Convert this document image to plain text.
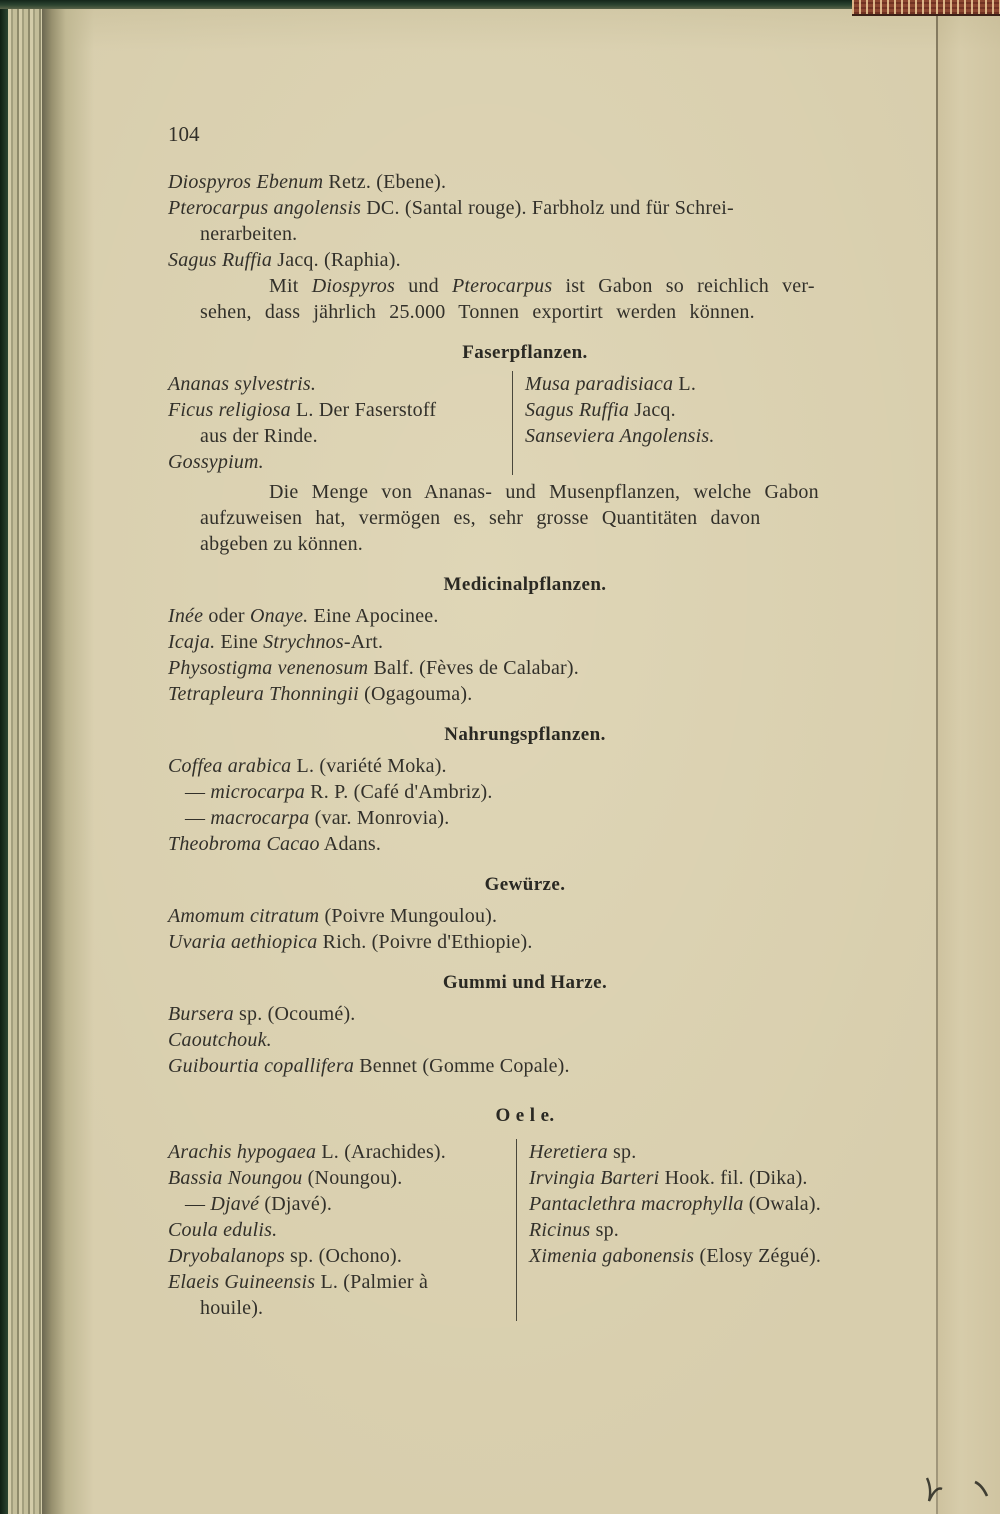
104
Diospyros Ebenum Retz. (Ebene).
Pterocarpus angolensis DC. (Santal rouge). Farbholz und für Schrei-
nerarbeiten.
Sagus Ruffia Jacq. (Raphia).
Mit Diospyros und Pterocarpus ist Gabon so reichlich ver-
sehen, dass jährlich 25.000 Tonnen exportirt werden können.
Faserpflanzen.
Ananas sylvestris.
Ficus religiosa L. Der Faserstoff
aus der Rinde.
Gossypium.
Musa paradisiaca L.
Sagus Ruffia Jacq.
Sanseviera Angolensis.
Die Menge von Ananas- und Musenpflanzen, welche Gabon
aufzuweisen hat, vermögen es, sehr grosse Quantitäten davon
abgeben zu können.
Medicinalpflanzen.
Inée oder Onaye. Eine Apocinee.
Icaja. Eine Strychnos-Art.
Physostigma venenosum Balf. (Fèves de Calabar).
Tetrapleura Thonningii (Ogagouma).
Nahrungspflanzen.
Coffea arabica L. (variété Moka).
— microcarpa R. P. (Café d'Ambriz).
— macrocarpa (var. Monrovia).
Theobroma Cacao Adans.
Gewürze.
Amomum citratum (Poivre Mungoulou).
Uvaria aethiopica Rich. (Poivre d'Ethiopie).
Gummi und Harze.
Bursera sp. (Ocoumé).
Caoutchouk.
Guibourtia copallifera Bennet (Gomme Copale).
O e l e.
Arachis hypogaea L. (Arachides).
Bassia Noungou (Noungou).
— Djavé (Djavé).
Coula edulis.
Dryobalanops sp. (Ochono).
Elaeis Guineensis L. (Palmier à
houile).
Heretiera sp.
Irvingia Barteri Hook. fil. (Dika).
Pantaclethra macrophylla (Owala).
Ricinus sp.
Ximenia gabonensis (Elosy Zégué).
